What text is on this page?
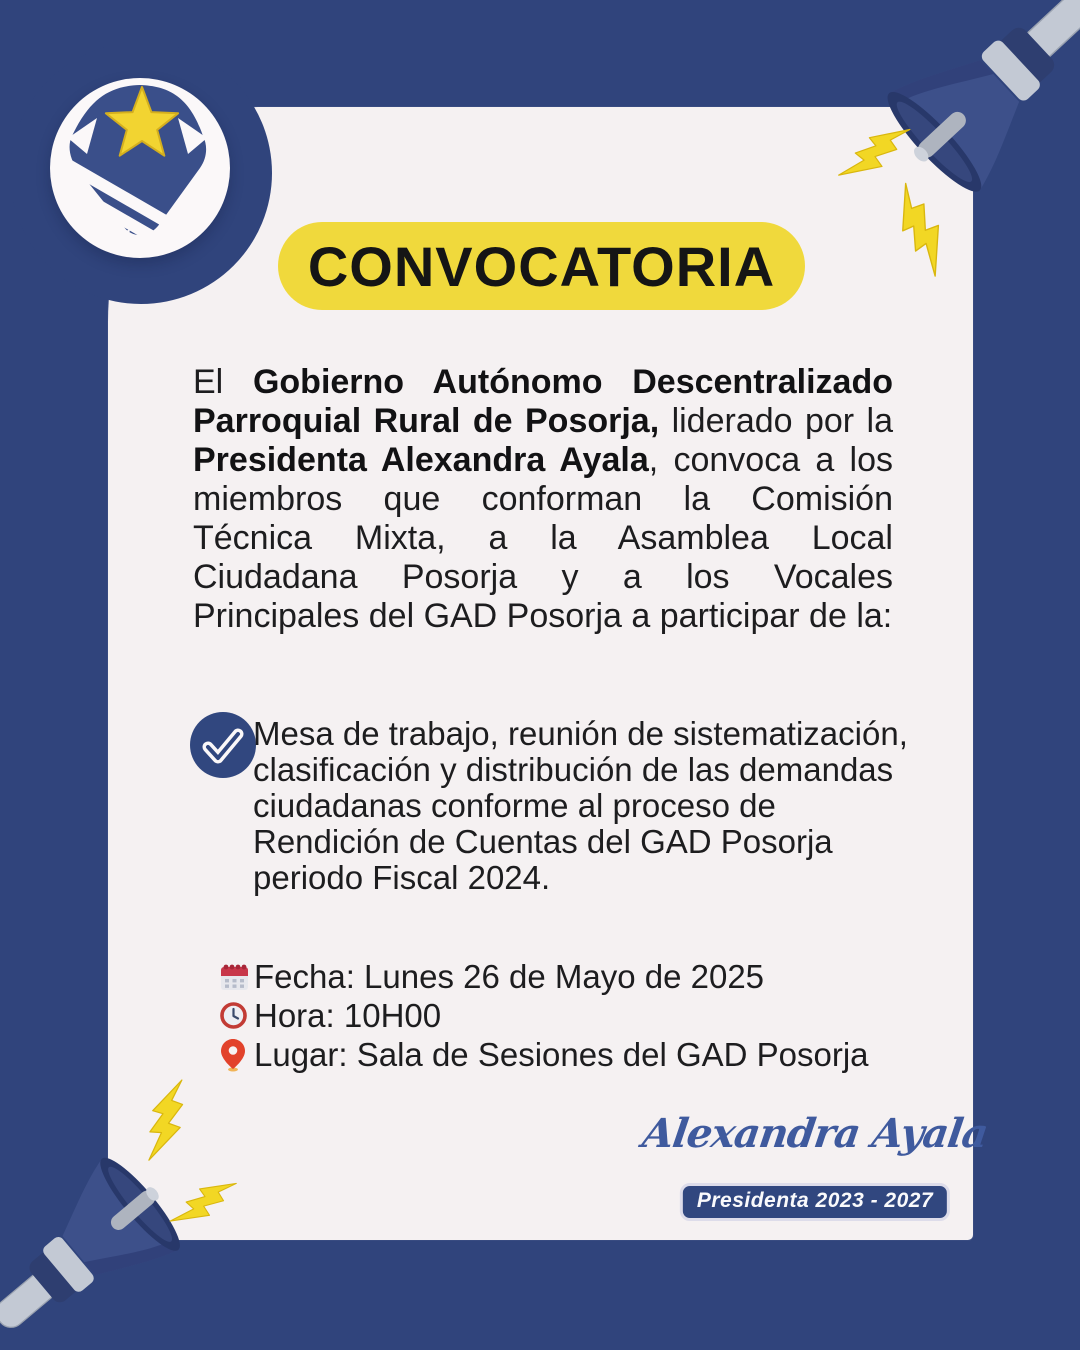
CONVOCATORIA

El Gobierno Autónomo Descentralizado Parroquial Rural de Posorja, liderado por la Presidenta Alexandra Ayala, convoca a los miembros que conforman la Comisión Técnica Mixta, a la Asamblea Local Ciudadana Posorja y a los Vocales Principales del GAD Posorja a participar de la:

Mesa de trabajo, reunión de sistematización,
clasificación y distribución de las demandas
ciudadanas conforme al proceso de
Rendición de Cuentas del GAD Posorja
periodo Fiscal 2024.
Fecha: Lunes 26 de Mayo de 2025
Hora: 10H00
Lugar: Sala de Sesiones del GAD Posorja
Alexandra Ayala
Presidenta 2023 - 2027
